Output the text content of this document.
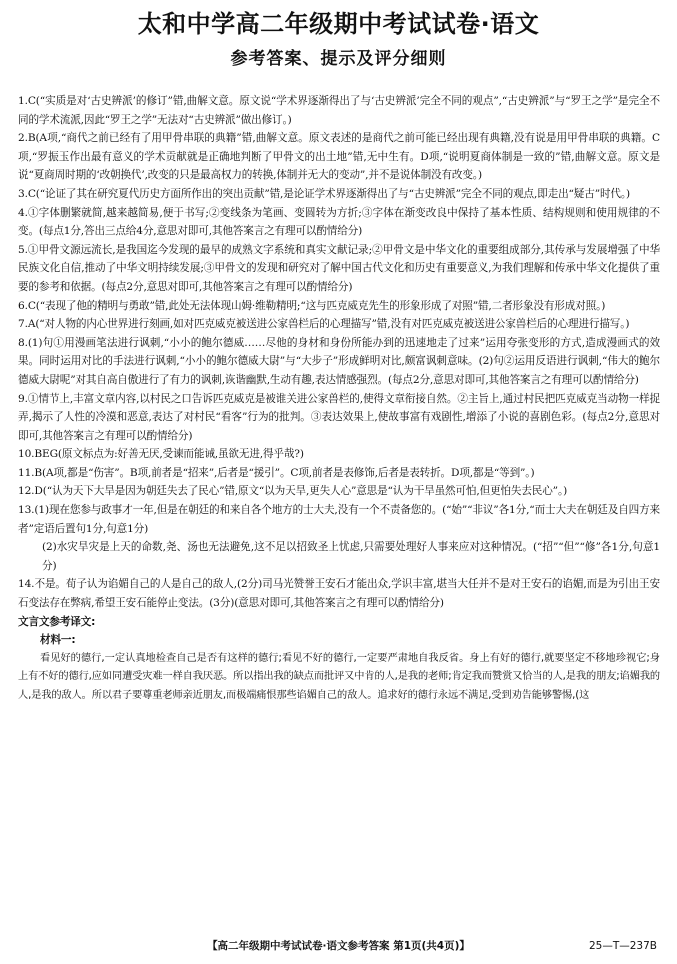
太和中学高二年级期中考试试卷·语文
参考答案、提示及评分细则

1.C(“实质是对‘古史辨派’的修订”错,曲解文意。原文说“学术界逐渐得出了与‘古史辨派’完全不同的观点”,“古史辨派”与“罗王之学”是完全不同的学术流派,因此“罗王之学”无法对“古史辨派”做出修订。)

2.B(A项,“商代之前已经有了用甲骨串联的典籍”错,曲解文意。原文表述的是商代之前可能已经出现有典籍,没有说是用甲骨串联的典籍。C项,“罗振玉作出最有意义的学术贡献就是正确地判断了甲骨文的出土地”错,无中生有。D项,“说明夏商体制是一致的”错,曲解文意。原文是说“夏商周时期的‘改朝换代’,改变的只是最高权力的转换,体制并无大的变动”,并不是说体制没有改变。)

3.C(“论证了其在研究夏代历史方面所作出的突出贡献”错,是论证学术界逐渐得出了与“古史辨派”完全不同的观点,即走出“疑古”时代。)

4.①字体删繁就简,越来越简易,便于书写;②变线条为笔画、变圆转为方折;③字体在渐变改良中保持了基本性质、结构规则和使用规律的不变。(每点1分,答出三点给4分,意思对即可,其他答案言之有理可以酌情给分)

5.①甲骨文源远流长,是我国迄今发现的最早的成熟文字系统和真实文献记录;②甲骨文是中华文化的重要组成部分,其传承与发展增强了中华民族文化自信,推动了中华文明持续发展;③甲骨文的发现和研究对了解中国古代文化和历史有重要意义,为我们理解和传承中华文化提供了重要的参考和依据。(每点2分,意思对即可,其他答案言之有理可以酌情给分)

6.C(“表现了他的精明与勇敢”错,此处无法体现山姆·维勒精明;“这与匹克威克先生的形象形成了对照”错,二者形象没有形成对照。)

7.A(“对人物的内心世界进行刻画,如对匹克威克被送进公家兽栏后的心理描写”错,没有对匹克威克被送进公家兽栏后的心理进行描写。)

8.(1)句①用漫画笔法进行讽刺,“小小的鲍尔德威……尽他的身材和身份所能办到的迅速地走了过来”运用夸张变形的方式,造成漫画式的效果。同时运用对比的手法进行讽刺,“小小的鲍尔德威大尉”与“大步子”形成鲜明对比,颇富讽刺意味。(2)句②运用反语进行讽刺,“伟大的鲍尔德威大尉呢”对其自高自傲进行了有力的讽刺,诙谐幽默,生动有趣,表达情感强烈。(每点2分,意思对即可,其他答案言之有理可以酌情给分)

9.①情节上,丰富文章内容,以村民之口告诉匹克威克是被谁关进公家兽栏的,使得文章衔接自然。②主旨上,通过村民把匹克威克当动物一样捉弄,揭示了人性的冷漠和恶意,表达了对村民“看客”行为的批判。③表达效果上,使故事富有戏剧性,增添了小说的喜剧色彩。(每点2分,意思对即可,其他答案言之有理可以酌情给分)

10.BEG(原文标点为:好善无厌,受谏而能诫,虽欲无进,得乎哉?)

11.B(A项,都是“伤害”。B项,前者是“招来”,后者是“援引”。C项,前者是表修饰,后者是表转折。D项,都是“等到”。)

12.D(“认为天下大旱是因为朝廷失去了民心”错,原文“以为天旱,更失人心”意思是“认为干旱虽然可怕,但更怕失去民心”。)

13.(1)现在您参与政事才一年,但是在朝廷的和来自各个地方的士大夫,没有一个不责备您的。(“始”“非议”各1分,“而士大夫在朝廷及自四方来者”定语后置句1分,句意1分)

(2)水灾旱灾是上天的命数,尧、汤也无法避免,这不足以招致圣上忧虑,只需要处理好人事来应对这种情况。(“招”“但”“修”各1分,句意1分)

14.不是。荀子认为谄媚自己的人是自己的敌人,(2分)司马光赞誉王安石才能出众,学识丰富,堪当大任并不是对王安石的谄媚,而是为引出王安石变法存在弊病,希望王安石能停止变法。(3分)(意思对即可,其他答案言之有理可以酌情给分)

文言文参考译文:
材料一:
看见好的德行,一定认真地检查自己是否有这样的德行;看见不好的德行,一定要严肃地自我反省。身上有好的德行,就要坚定不移地珍视它;身上有不好的德行,应如同遭受灾难一样自我厌恶。所以指出我的缺点而批评又中肯的人,是我的老师;肯定我而赞赏又恰当的人,是我的朋友;谄媚我的人,是我的敌人。所以君子要尊重老师亲近朋友,而极端痛恨那些谄媚自己的敌人。追求好的德行永远不满足,受到劝告能够警惕,(这
【高二年级期中考试试卷·语文参考答案 第1页(共4页)】	25—T—237B
